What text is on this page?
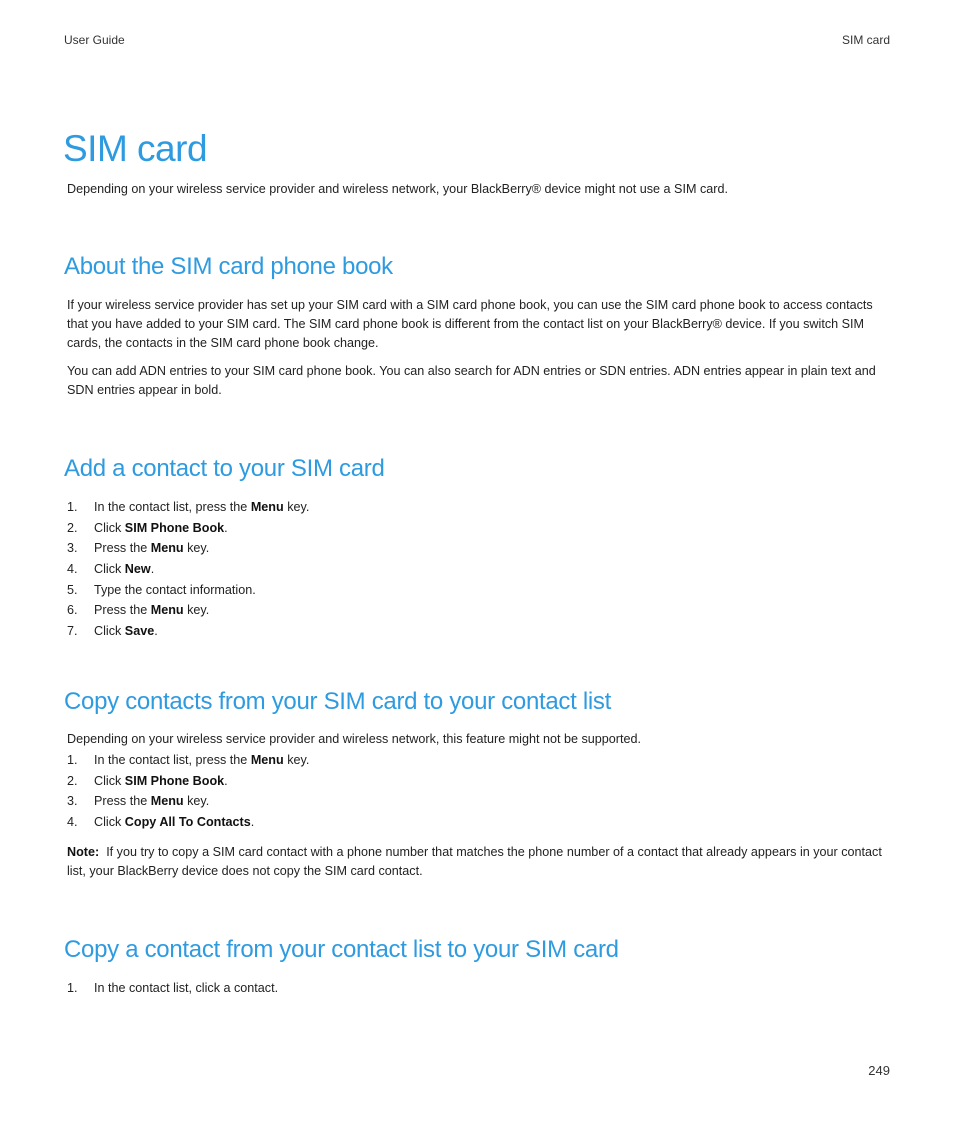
User Guide	SIM card
SIM card

Depending on your wireless service provider and wireless network, your BlackBerry® device might not use a SIM card.

About the SIM card phone book

If your wireless service provider has set up your SIM card with a SIM card phone book, you can use the SIM card phone book to access contacts that you have added to your SIM card. The SIM card phone book is different from the contact list on your BlackBerry® device. If you switch SIM cards, the contacts in the SIM card phone book change.

You can add ADN entries to your SIM card phone book. You can also search for ADN entries or SDN entries. ADN entries appear in plain text and SDN entries appear in bold.

Add a contact to your SIM card
1. In the contact list, press the Menu key.
2. Click SIM Phone Book.
3. Press the Menu key.
4. Click New.
5. Type the contact information.
6. Press the Menu key.
7. Click Save.
Copy contacts from your SIM card to your contact list

Depending on your wireless service provider and wireless network, this feature might not be supported.

1. In the contact list, press the Menu key.
2. Click SIM Phone Book.
3. Press the Menu key.
4. Click Copy All To Contacts.

Note: If you try to copy a SIM card contact with a phone number that matches the phone number of a contact that already appears in your contact list, your BlackBerry device does not copy the SIM card contact.

Copy a contact from your contact list to your SIM card
1. In the contact list, click a contact.
249
